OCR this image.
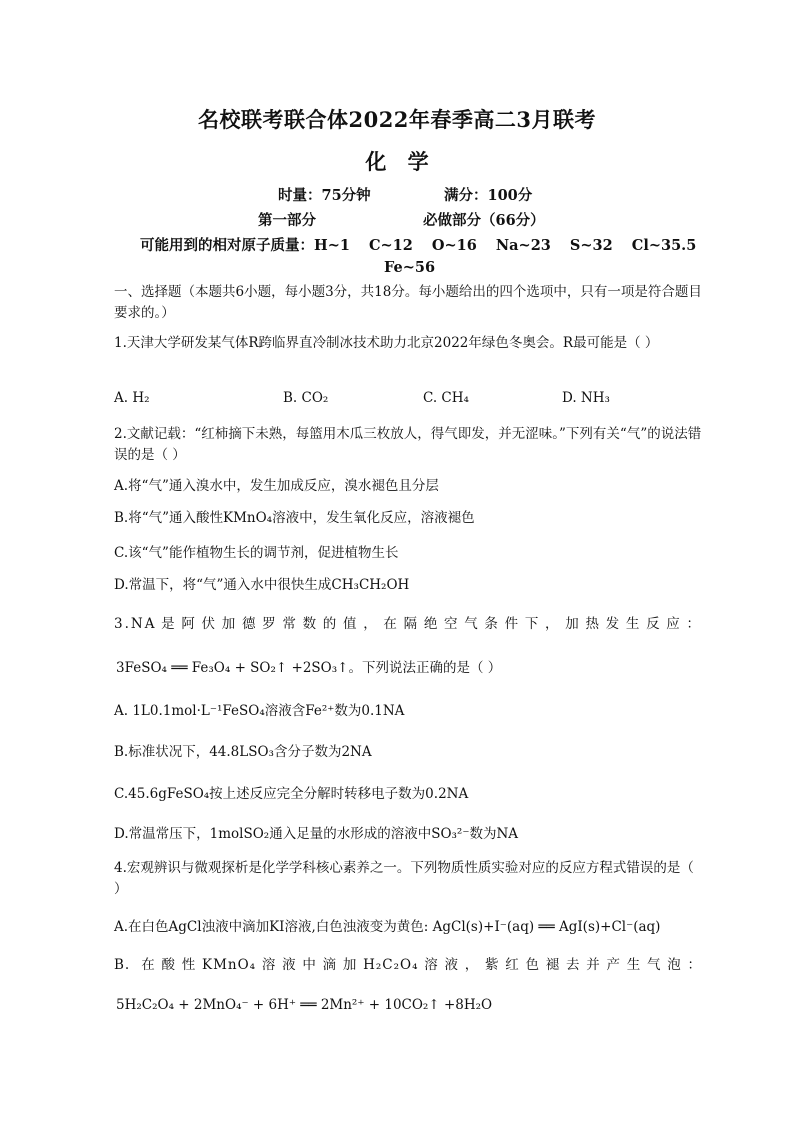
名校联考联合体2022年春季高二3月联考
化 学
时量：75分钟	满分：100分
第一部分	必做部分（66分）
可能用到的相对原子质量：H~1 C~12 O~16 Na~23 S~32 Cl~35.5
Fe~56
一、选择题（本题共6小题，每小题3分，共18分。每小题给出的四个选项中，只有一项是符合题目要求的。）
1.天津大学研发某气体R跨临界直冷制冰技术助力北京2022年绿色冬奥会。R最可能是（ ）
A. H₂	B. CO₂	C. CH₄	D. NH₃
2.文献记载：“红柿摘下未熟，每篮用木瓜三枚放人，得气即发，并无涩味。”下列有关“气”的说法错误的是（ ）
A.将“气”通入溴水中，发生加成反应，溴水褪色且分层
B.将“气”通入酸性KMnO₄溶液中，发生氧化反应，溶液褪色
C.该“气”能作植物生长的调节剂，促进植物生长
D.常温下，将“气”通入水中很快生成CH₃CH₂OH
3.NA是阿伏加德罗常数的值，在隔绝空气条件下，加热发生反应：
3FeSO₄ ══ Fe₃O₄ + SO₂↑ +2SO₃↑。下列说法正确的是（ ）
A. 1L0.1mol·L⁻¹FeSO₄溶液含Fe²⁺数为0.1NA
B.标准状况下，44.8LSO₃含分子数为2NA
C.45.6gFeSO₄按上述反应完全分解时转移电子数为0.2NA
D.常温常压下，1molSO₂通入足量的水形成的溶液中SO₃²⁻数为NA
4.宏观辨识与微观探析是化学学科核心素养之一。下列物质性质实验对应的反应方程式错误的是（ ）
A.在白色AgCl浊液中滴加KI溶液,白色浊液变为黄色: AgCl(s)+I⁻(aq) ══ AgI(s)+Cl⁻(aq)
B. 在酸性KMnO₄溶液中滴加H₂C₂O₄溶液，紫红色褪去并产生气泡：
5H₂C₂O₄ + 2MnO₄⁻ + 6H⁺ ══ 2Mn²⁺ + 10CO₂↑ +8H₂O
